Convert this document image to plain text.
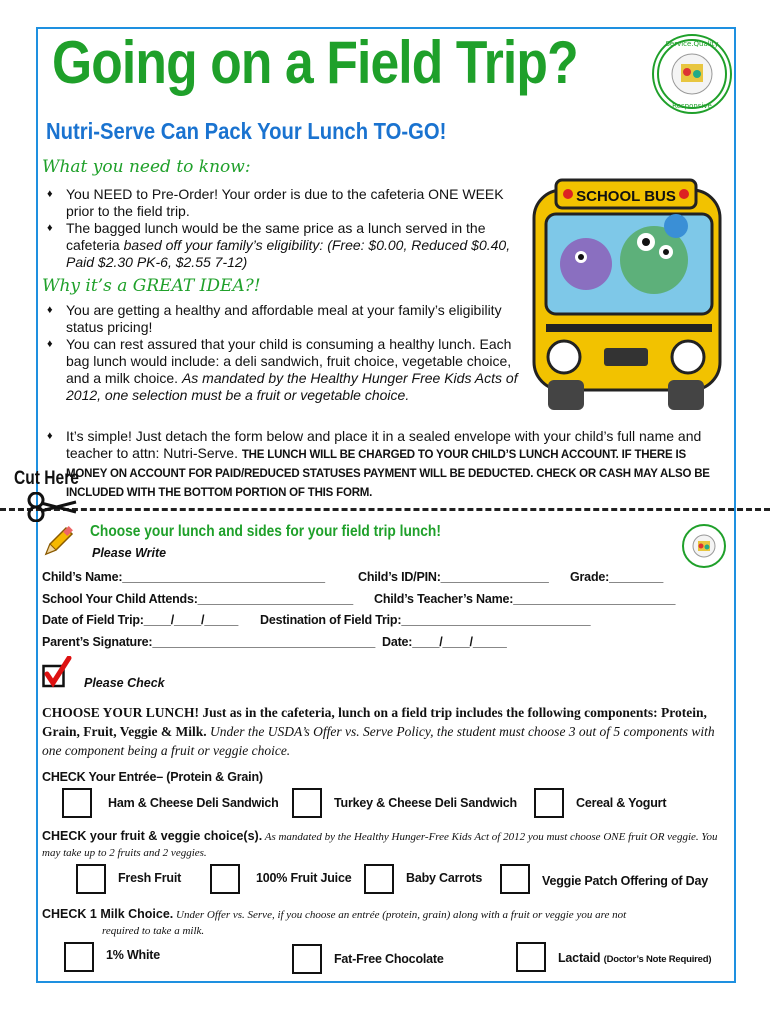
Going on a Field Trip?	Service.Quality
Responsive
Nutri-Serve Can Pack Your Lunch TO-GO!
What you need to know:
♦ You NEED to Pre-Order! Your order is due to the cafeteria ONE WEEK prior to the field trip.
♦ The bagged lunch would be the same price as a lunch served in the cafeteria based off your family’s eligibility: (Free: $0.00, Reduced $0.40, Paid $2.30 PK-6, $2.55 7-12)
Why it’s a GREAT IDEA?!
♦ You are getting a healthy and affordable meal at your family’s eligibility status pricing!
♦ You can rest assured that your child is consuming a healthy lunch. Each bag lunch would include: a deli sandwich, fruit choice, vegetable choice, and a milk choice. As mandated by the Healthy Hunger Free Kids Acts of 2012, one selection must be a fruit or vegetable choice.
♦ It’s simple! Just detach the form below and place it in a sealed envelope with your child’s full name and teacher to attn: Nutri-Serve. THE LUNCH WILL BE CHARGED TO YOUR CHILD’S LUNCH ACCOUNT. IF THERE IS MONEY ON ACCOUNT FOR PAID/REDUCED STATUSES PAYMENT WILL BE DEDUCTED. CHECK OR CASH MAY ALSO BE INCLUDED WITH THE BOTTOM PORTION OF THIS FORM.
SCHOOL BUS
Cut Here
Choose your lunch and sides for your field trip lunch!
Please Write
Child’s Name:______________________________	Child’s ID/PIN:________________ Grade:________
School Your Child Attends:_______________________ Child’s Teacher’s Name:________________________
Date of Field Trip:____/____/_____ Destination of Field Trip:____________________________
Parent’s Signature:_________________________________ Date:____/____/_____
Please Check
CHOOSE YOUR LUNCH! Just as in the cafeteria, lunch on a field trip includes the following components: Protein, Grain, Fruit, Veggie & Milk. Under the USDA’s Offer vs. Serve Policy, the student must choose 3 out of 5 components with one component being a fruit or veggie choice.
CHECK Your Entrée– (Protein & Grain)
Ham & Cheese Deli Sandwich	Turkey & Cheese Deli Sandwich	Cereal & Yogurt
CHECK your fruit & veggie choice(s). As mandated by the Healthy Hunger-Free Kids Act of 2012 you must choose ONE fruit OR veggie. You may take up to 2 fruits and 2 veggies.
Fresh Fruit	100% Fruit Juice	Baby Carrots	Veggie Patch Offering of Day
CHECK 1 Milk Choice. Under Offer vs. Serve, if you choose an entrée (protein, grain) along with a fruit or veggie you are not
required to take a milk.
1% White	Fat-Free Chocolate	Lactaid (Doctor’s Note Required)
